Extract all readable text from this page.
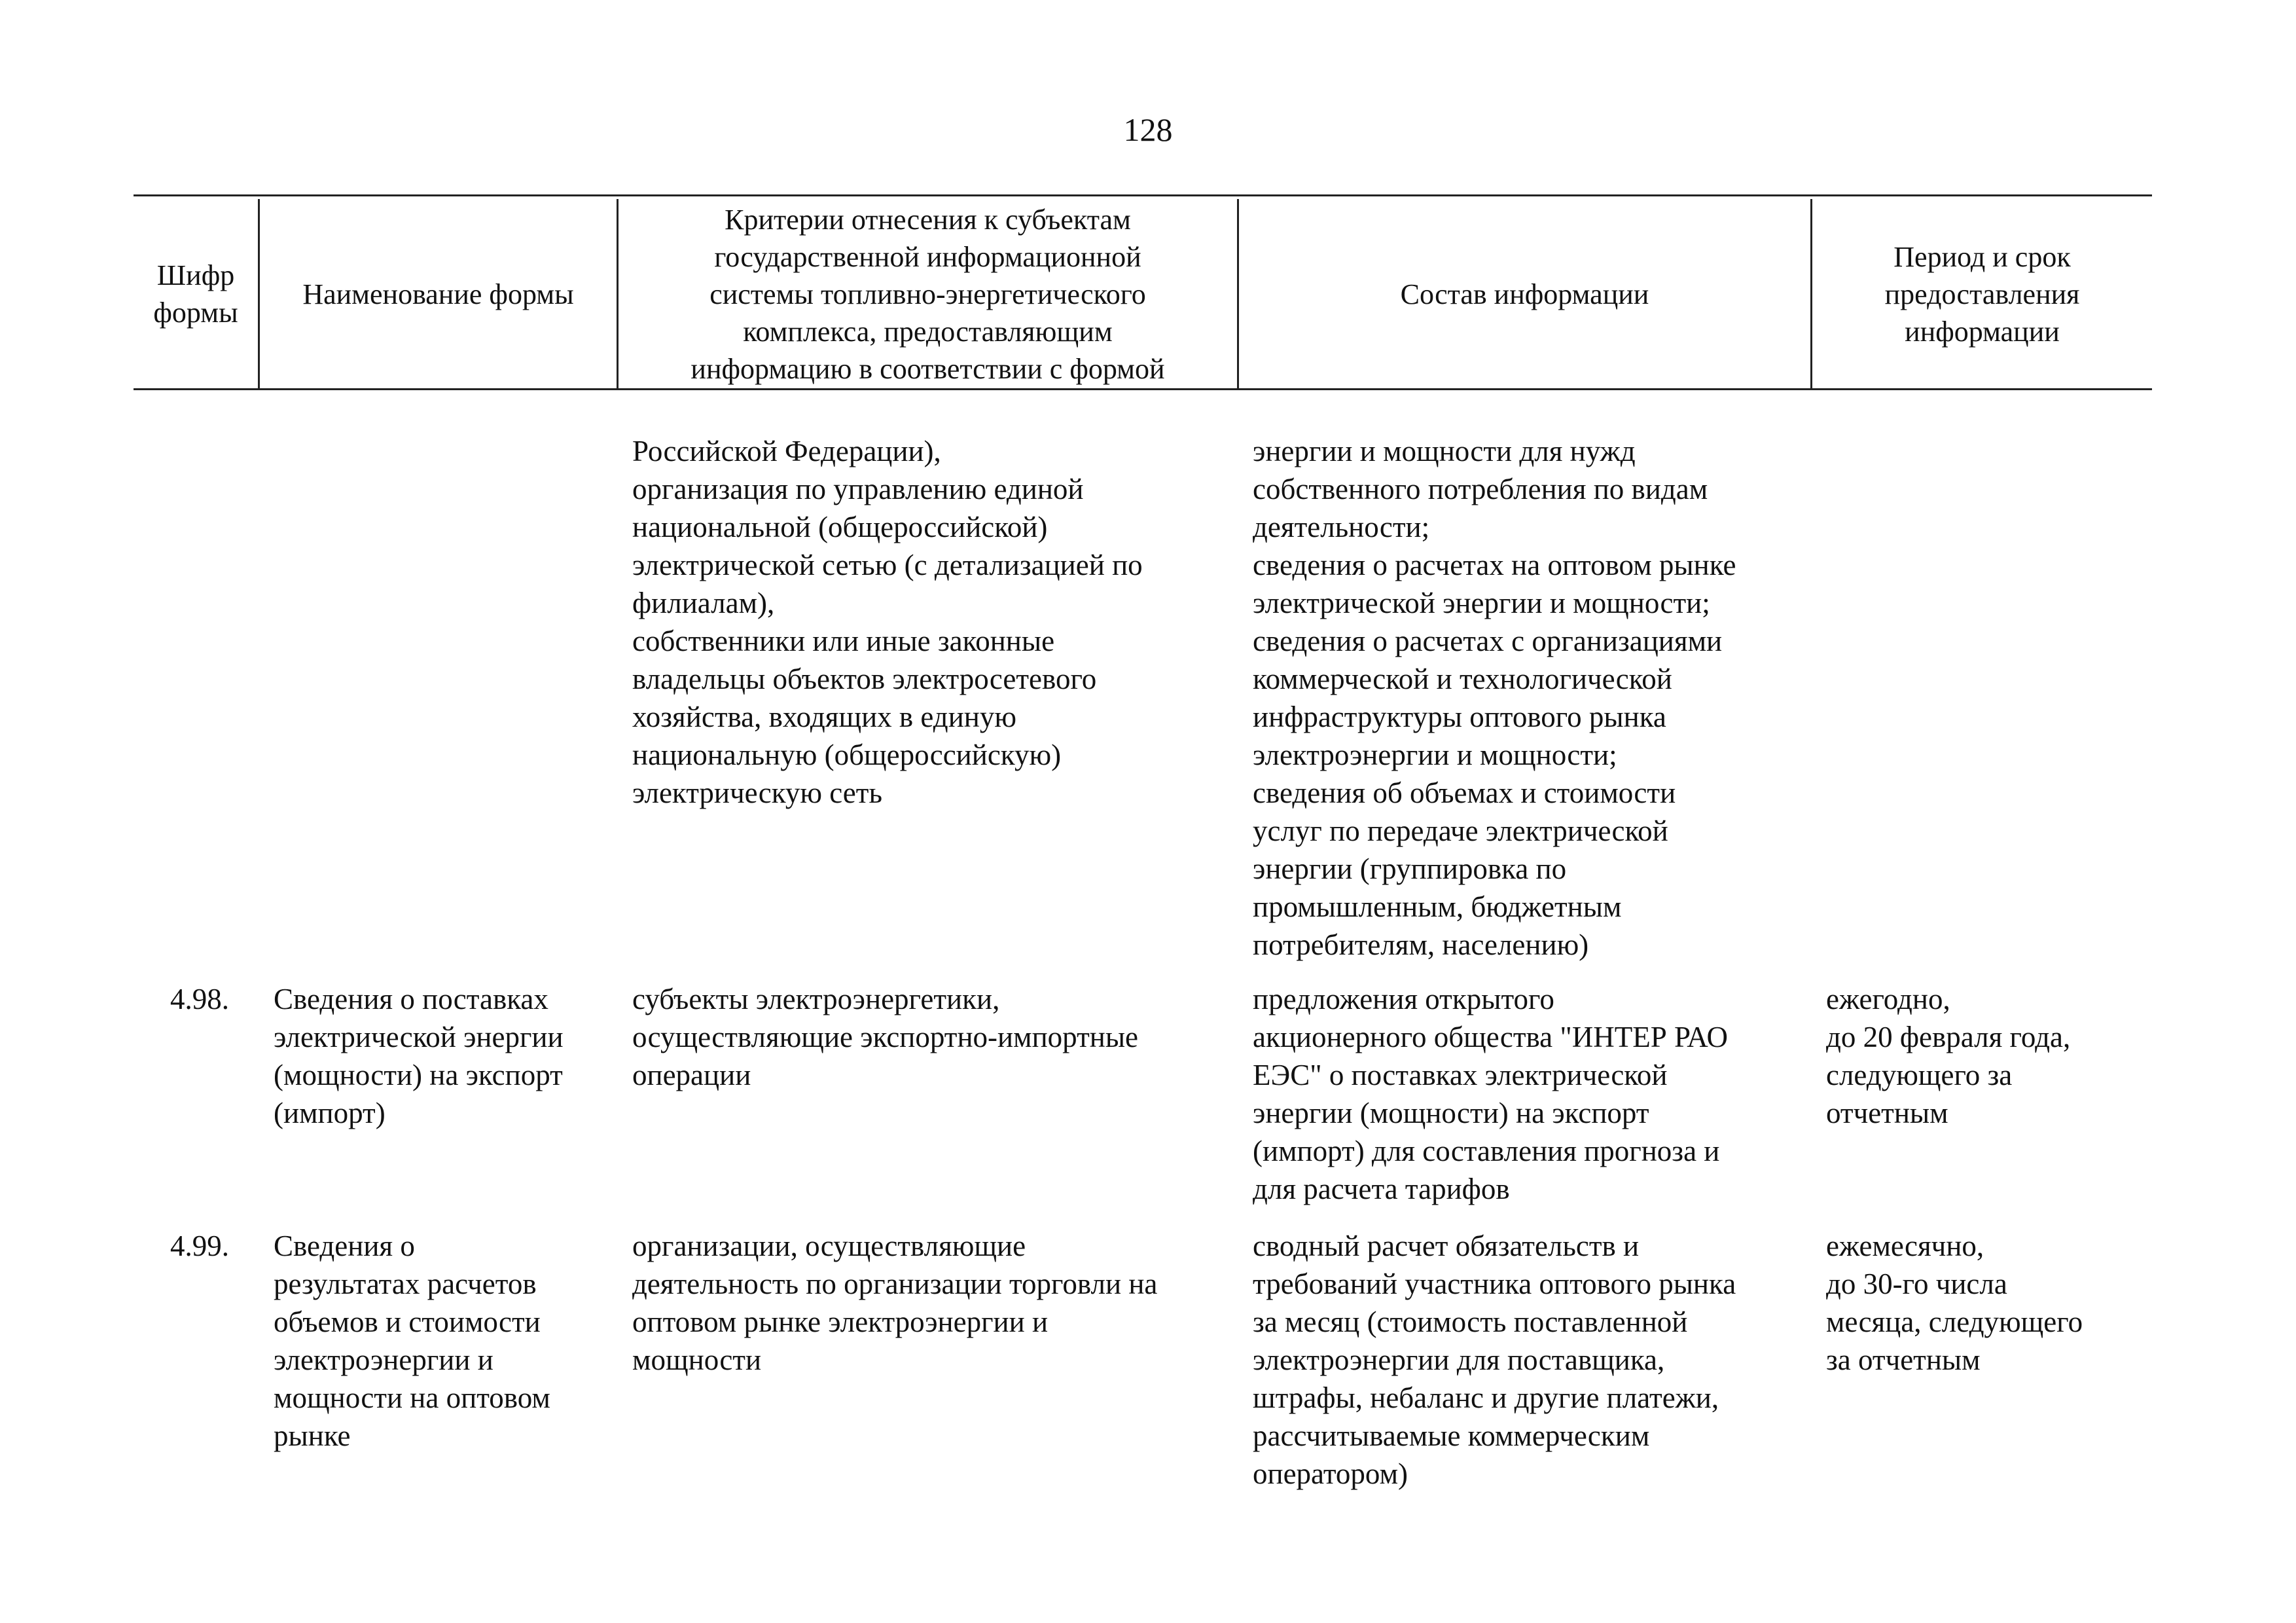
128
Шифр
формы
Наименование формы
Критерии отнесения к субъектам
государственной информационной
системы топливно-энергетического
комплекса, предоставляющим
информацию в соответствии с формой
Состав информации
Период и срок
предоставления
информации
Российской Федерации),
организация по управлению единой
национальной (общероссийской)
электрической сетью (с детализацией по
филиалам),
собственники или иные законные
владельцы объектов электросетевого
хозяйства, входящих в единую
национальную (общероссийскую)
электрическую сеть
энергии и мощности для нужд
собственного потребления по видам
деятельности;
сведения о расчетах на оптовом рынке
электрической энергии и мощности;
сведения о расчетах с организациями
коммерческой и технологической
инфраструктуры оптового рынка
электроэнергии и мощности;
сведения об объемах и стоимости
услуг по передаче электрической
энергии (группировка по
промышленным, бюджетным
потребителям, населению)
4.98. Сведения о поставках
электрической энергии
(мощности) на экспорт
(импорт)
субъекты электроэнергетики,
осуществляющие экспортно-импортные
операции
предложения открытого
акционерного общества "ИНТЕР РАО
ЕЭС" о поставках электрической
энергии (мощности) на экспорт
(импорт) для составления прогноза и
для расчета тарифов
ежегодно,
до 20 февраля года,
следующего за
отчетным
4.99. Сведения о
результатах расчетов
объемов и стоимости
электроэнергии и
мощности на оптовом
рынке
организации, осуществляющие
деятельность по организации торговли на
оптовом рынке электроэнергии и
мощности
сводный расчет обязательств и
требований участника оптового рынка
за месяц (стоимость поставленной
электроэнергии для поставщика,
штрафы, небаланс и другие платежи,
рассчитываемые коммерческим
оператором)
ежемесячно,
до 30-го числа
месяца, следующего
за отчетным
